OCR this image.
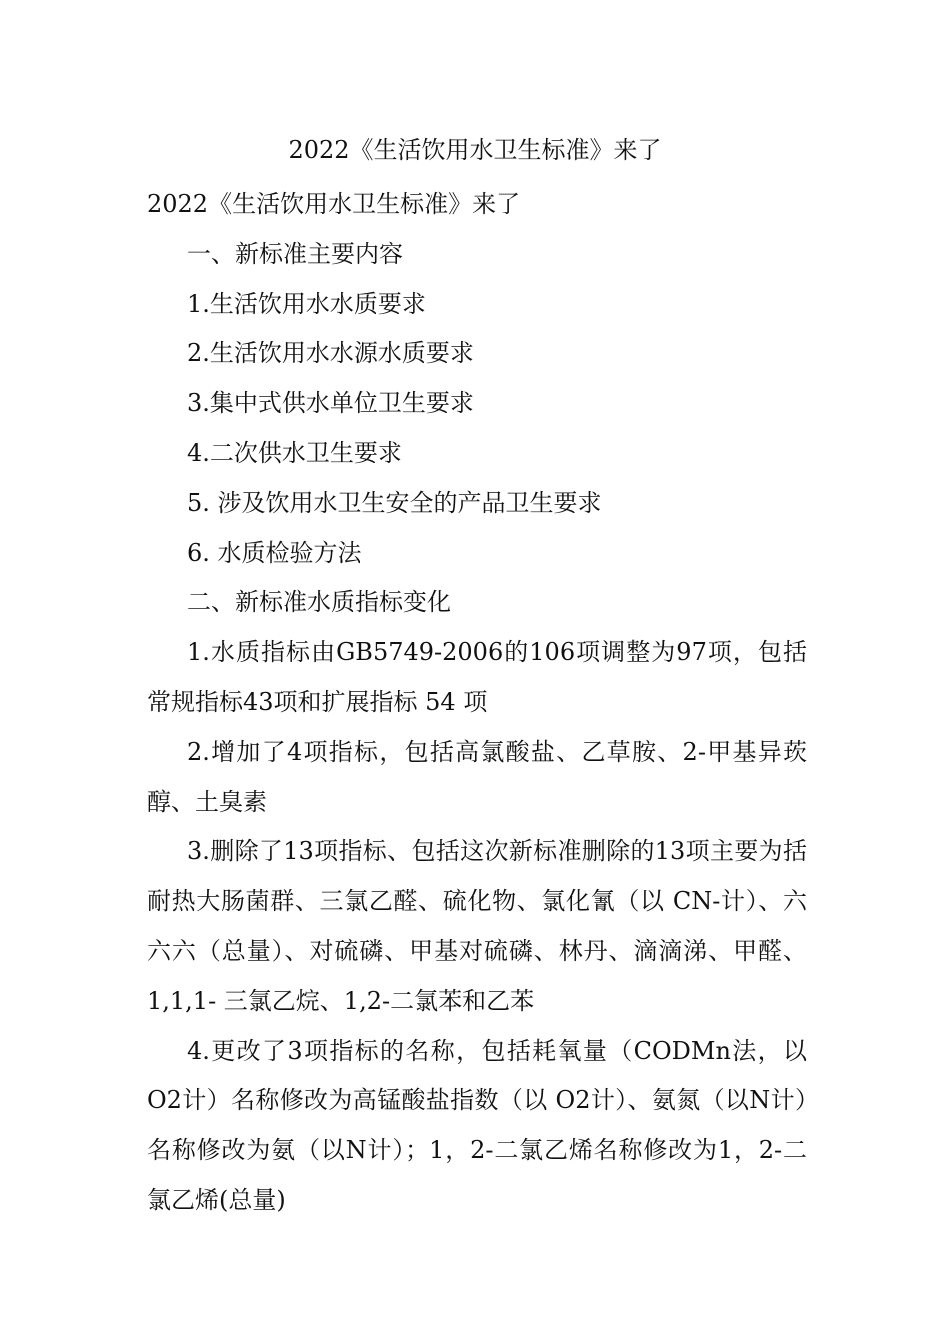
2022《生活饮用水卫生标准》来了

2022《生活饮用水卫生标准》来了

一、新标准主要内容

1.生活饮用水水质要求

2.生活饮用水水源水质要求

3.集中式供水单位卫生要求

4.二次供水卫生要求

5. 涉及饮用水卫生安全的产品卫生要求

6. 水质检验方法

二、新标准水质指标变化

1.水质指标由GB5749-2006的106项调整为97项，包括常规指标43项和扩展指标 54 项

2.增加了4项指标，包括高氯酸盐、乙草胺、2-甲基异莰醇、土臭素

3.删除了13项指标、包括这次新标准删除的13项主要为括耐热大肠菌群、三氯乙醛、硫化物、氯化氰（以 CN-计）、六六六（总量）、对硫磷、甲基对硫磷、林丹、滴滴涕、甲醛、1,1,1- 三氯乙烷、1,2-二氯苯和乙苯

4.更改了3项指标的名称，包括耗氧量（CODMn法，以O2计）名称修改为高锰酸盐指数（以 O2计）、氨氮（以N计）名称修改为氨（以N计）；1，2-二氯乙烯名称修改为1，2-二氯乙烯(总量)
